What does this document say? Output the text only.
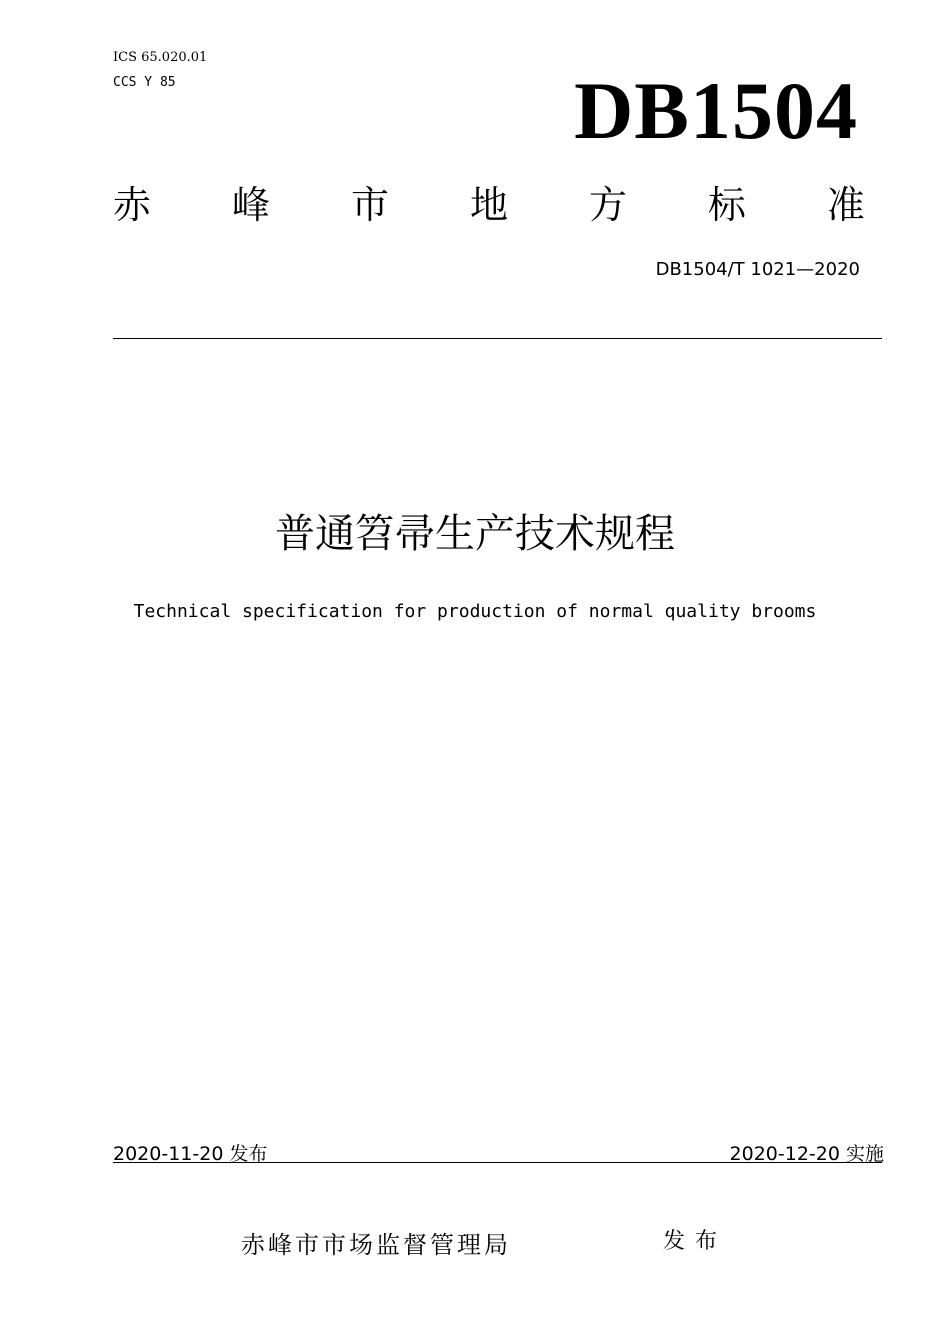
ICS 65.020.01
CCS Y 85	DB1504
赤 峰 市 地 方 标 准
DB1504/T 1021—2020
普通笤帚生产技术规程
Technical specification for production of normal quality brooms
2020-11-20 发布	2020-12-20 实施
赤峰市市场监督管理局	发布
